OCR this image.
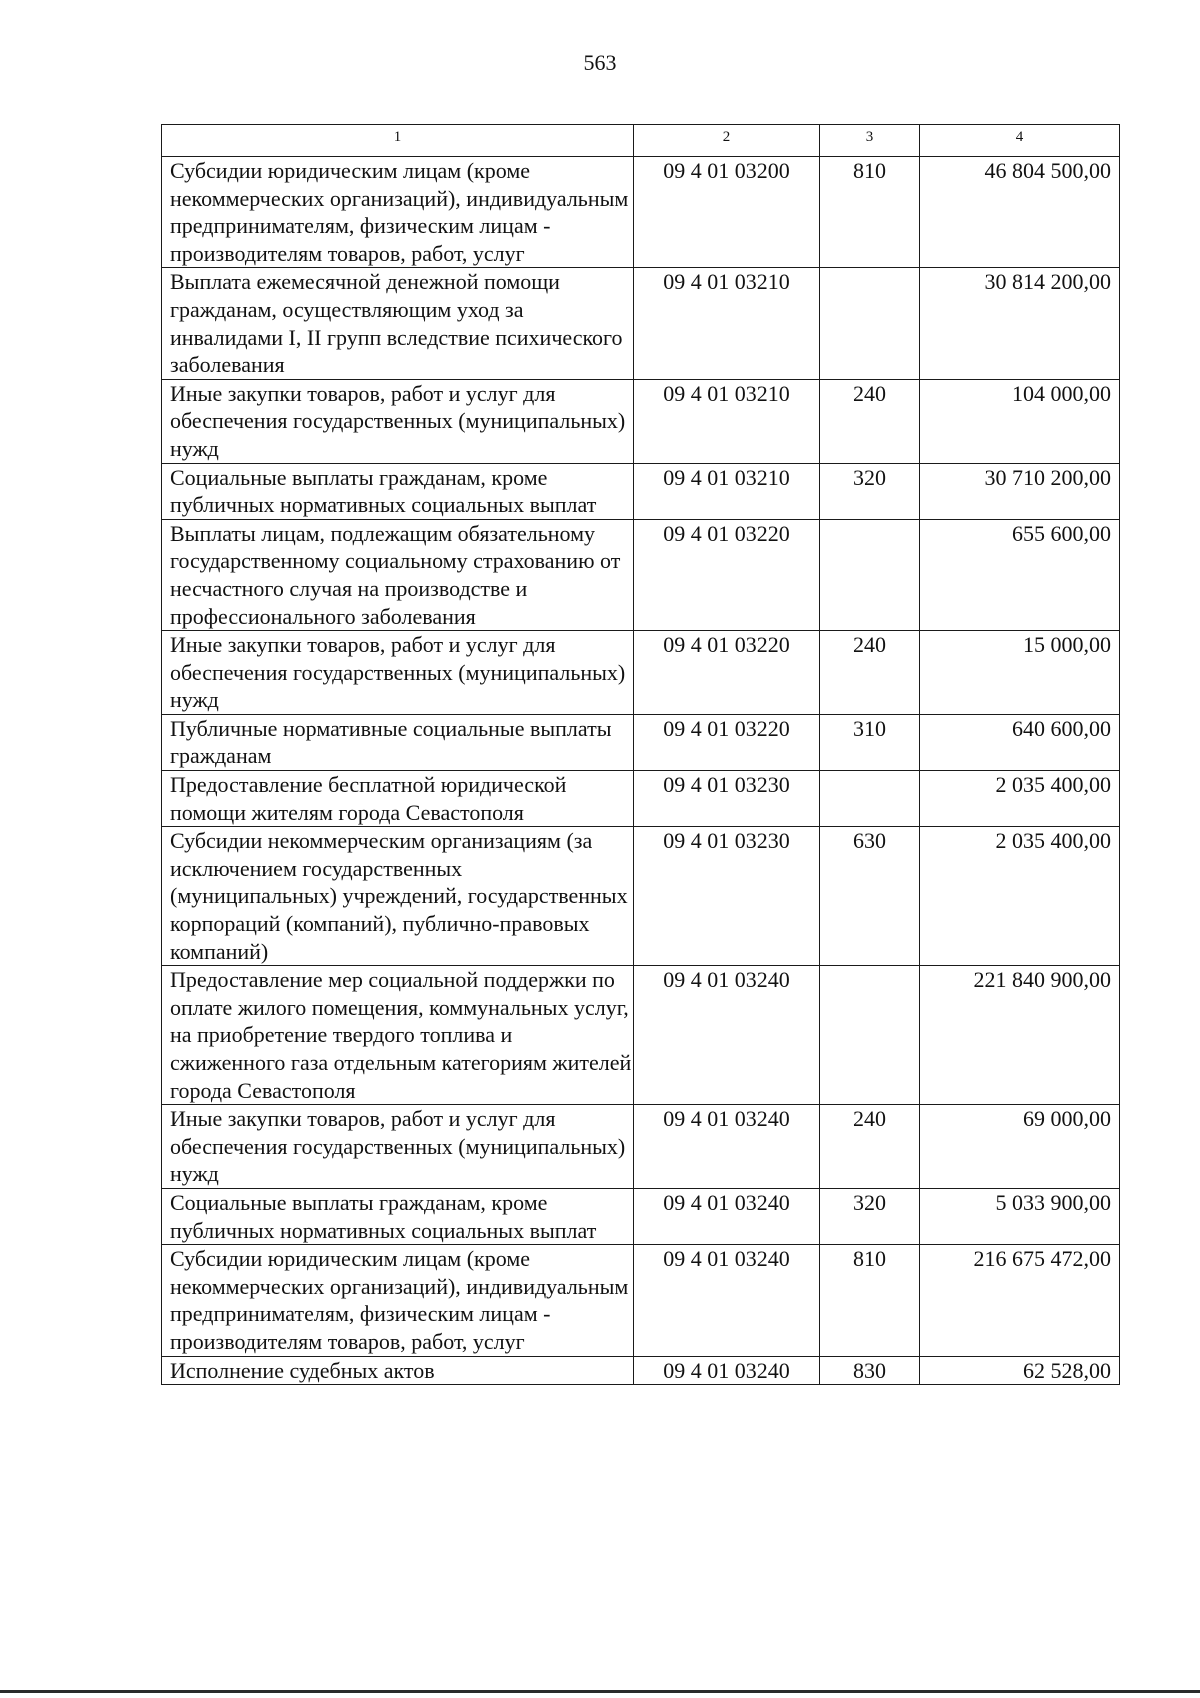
563
1	2	3	4
Субсидии юридическим лицам (кроме некоммерческих организаций), индивидуальным предпринимателям, физическим лицам - производителям товаров, работ, услуг	09 4 01 03200	810	46 804 500,00
Выплата ежемесячной денежной помощи гражданам, осуществляющим уход за инвалидами I, II групп вследствие психического заболевания	09 4 01 03210		30 814 200,00
Иные закупки товаров, работ и услуг для обеспечения государственных (муниципальных) нужд	09 4 01 03210	240	104 000,00
Социальные выплаты гражданам, кроме публичных нормативных социальных выплат	09 4 01 03210	320	30 710 200,00
Выплаты лицам, подлежащим обязательному государственному социальному страхованию от несчастного случая на производстве и профессионального заболевания	09 4 01 03220		655 600,00
Иные закупки товаров, работ и услуг для обеспечения государственных (муниципальных) нужд	09 4 01 03220	240	15 000,00
Публичные нормативные социальные выплаты гражданам	09 4 01 03220	310	640 600,00
Предоставление бесплатной юридической помощи жителям города Севастополя	09 4 01 03230		2 035 400,00
Субсидии некоммерческим организациям (за исключением государственных (муниципальных) учреждений, государственных корпораций (компаний), публично-правовых компаний)	09 4 01 03230	630	2 035 400,00
Предоставление мер социальной поддержки по оплате жилого помещения, коммунальных услуг, на приобретение твердого топлива и сжиженного газа отдельным категориям жителей города Севастополя	09 4 01 03240		221 840 900,00
Иные закупки товаров, работ и услуг для обеспечения государственных (муниципальных) нужд	09 4 01 03240	240	69 000,00
Социальные выплаты гражданам, кроме публичных нормативных социальных выплат	09 4 01 03240	320	5 033 900,00
Субсидии юридическим лицам (кроме некоммерческих организаций), индивидуальным предпринимателям, физическим лицам - производителям товаров, работ, услуг	09 4 01 03240	810	216 675 472,00
Исполнение судебных актов	09 4 01 03240	830	62 528,00
